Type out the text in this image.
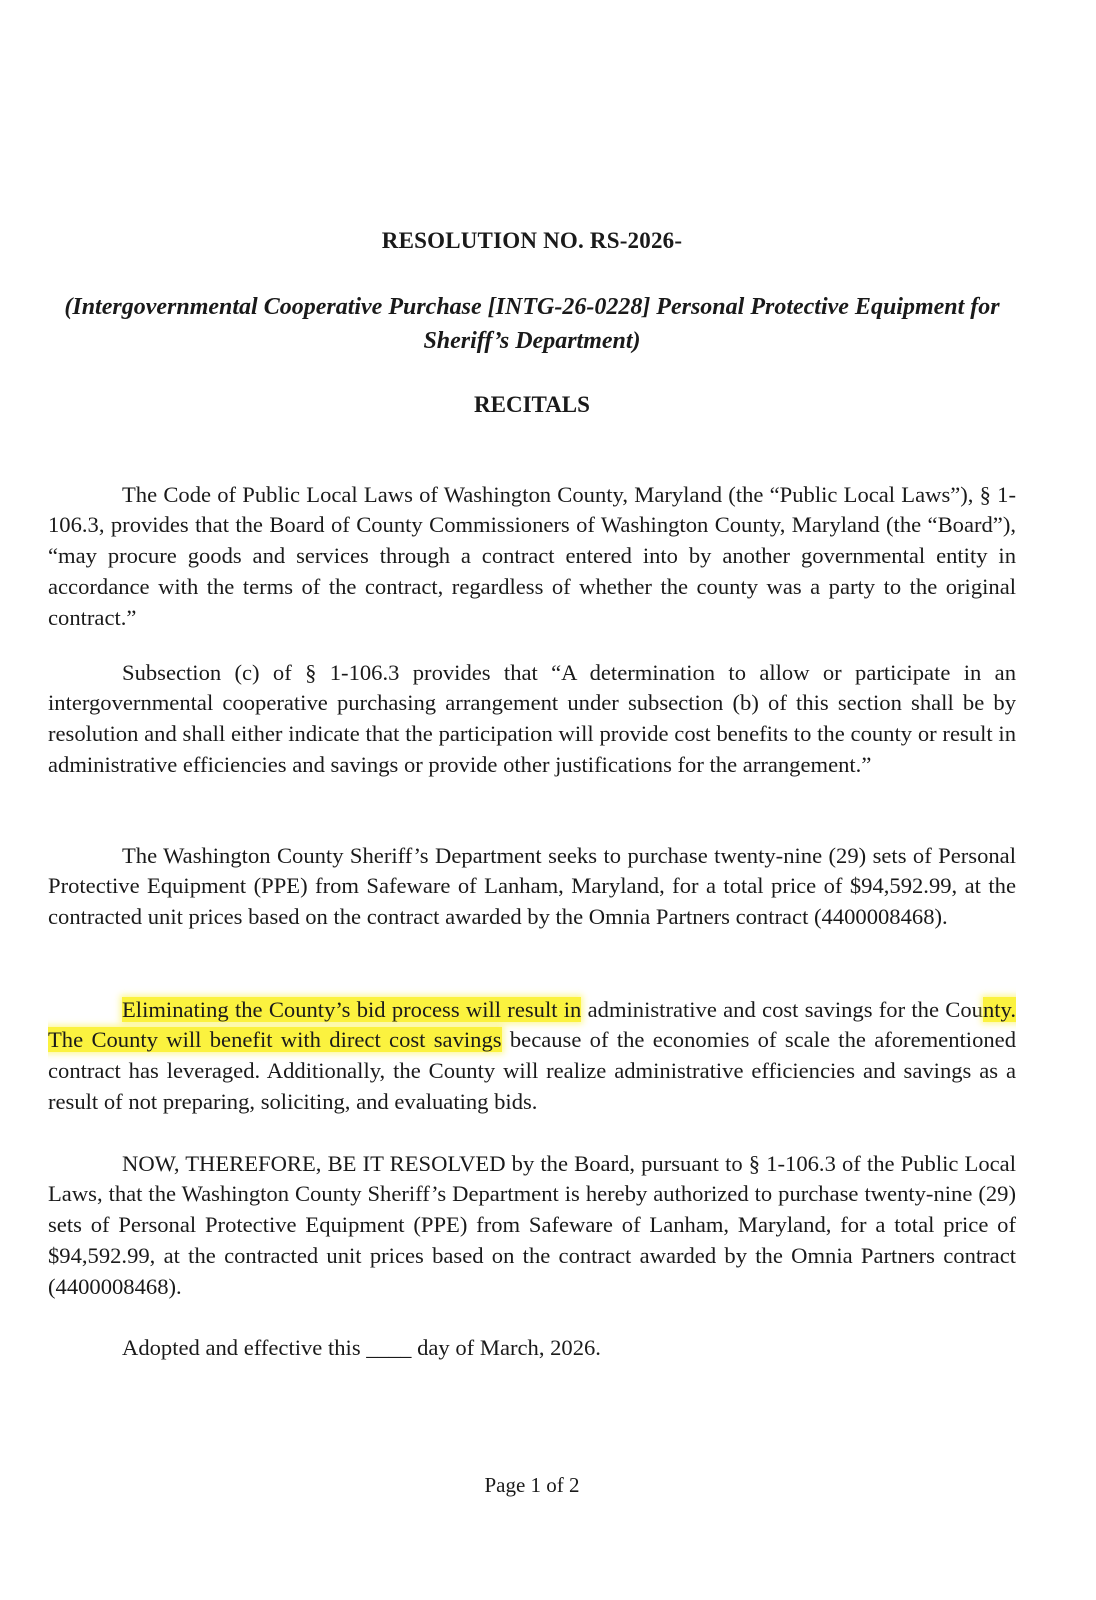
RESOLUTION NO. RS-2026-
(Intergovernmental Cooperative Purchase [INTG-26-0228] Personal Protective Equipment for Sheriff’s Department)
RECITALS

The Code of Public Local Laws of Washington County, Maryland (the “Public Local Laws”), § 1-106.3, provides that the Board of County Commissioners of Washington County, Maryland (the “Board”), “may procure goods and services through a contract entered into by another governmental entity in accordance with the terms of the contract, regardless of whether the county was a party to the original contract.”

Subsection (c) of § 1-106.3 provides that “A determination to allow or participate in an intergovernmental cooperative purchasing arrangement under subsection (b) of this section shall be by resolution and shall either indicate that the participation will provide cost benefits to the county or result in administrative efficiencies and savings or provide other justifications for the arrangement.”

The Washington County Sheriff’s Department seeks to purchase twenty-nine (29) sets of Personal Protective Equipment (PPE) from Safeware of Lanham, Maryland, for a total price of $94,592.99, at the contracted unit prices based on the contract awarded by the Omnia Partners contract (4400008468).

Eliminating the County’s bid process will result in administrative and cost savings for the County. The County will benefit with direct cost savings because of the economies of scale the aforementioned contract has leveraged. Additionally, the County will realize administrative efficiencies and savings as a result of not preparing, soliciting, and evaluating bids.

NOW, THEREFORE, BE IT RESOLVED by the Board, pursuant to § 1-106.3 of the Public Local Laws, that the Washington County Sheriff’s Department is hereby authorized to purchase twenty-nine (29) sets of Personal Protective Equipment (PPE) from Safeware of Lanham, Maryland, for a total price of $94,592.99, at the contracted unit prices based on the contract awarded by the Omnia Partners contract (4400008468).

Adopted and effective this ____ day of March, 2026.

Page 1 of 2
